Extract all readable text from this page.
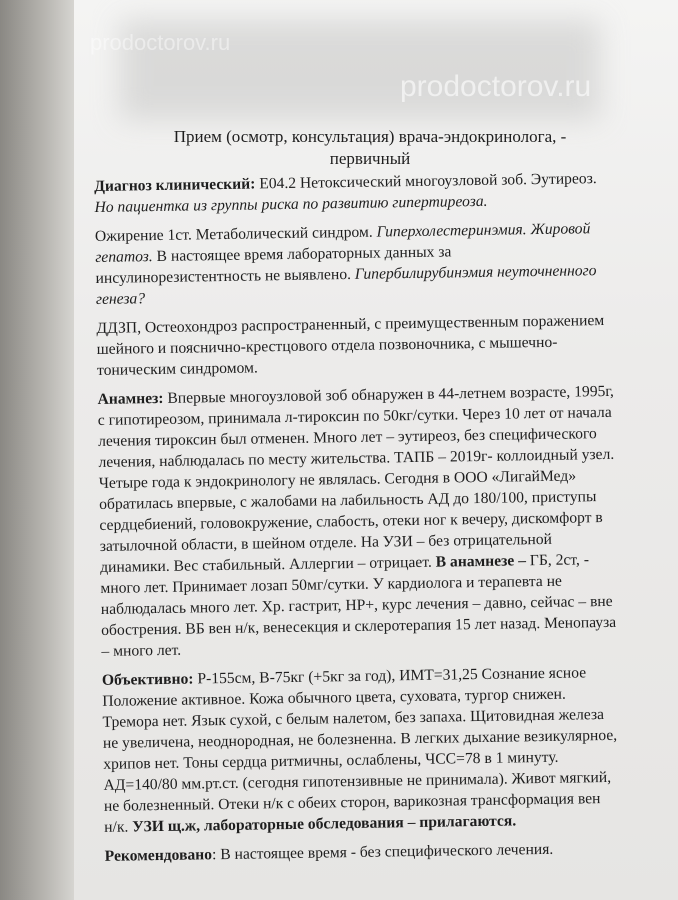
prodoctorov.ru
prodoctorov.ru
Прием (осмотр, консультация) врача-эндокринолога, -
первичный
Диагноз клинический: Е04.2 Нетоксический многоузловой зоб. Эутиреоз.
Но пациентка из группы риска по развитию гипертиреоза.
Ожирение 1ст. Метаболический синдром. Гиперхолестеринэмия. Жировой
гепатоз. В настоящее время лабораторных данных за
инсулинорезистентность не выявлено. Гипербилирубинэмия неуточненного
генеза?
ДДЗП, Остеохондроз распространенный, с преимущественным поражением
шейного и пояснично-крестцового отдела позвоночника, с мышечно-
тоническим синдромом.
Анамнез: Впервые многоузловой зоб обнаружен в 44-летнем возрасте, 1995г,
с гипотиреозом, принимала л-тироксин по 50кг/сутки. Через 10 лет от начала
лечения тироксин был отменен. Много лет – эутиреоз, без специфического
лечения, наблюдалась по месту жительства. ТАПБ – 2019г- коллоидный узел.
Четыре года к эндокринологу не являлась. Сегодня в ООО «ЛигайМед»
обратилась впервые, с жалобами на лабильность АД до 180/100, приступы
сердцебиений, головокружение, слабость, отеки ног к вечеру, дискомфорт в
затылочной области, в шейном отделе. На УЗИ – без отрицательной
динамики. Вес стабильный. Аллергии – отрицает. В анамнезе – ГБ, 2ст, -
много лет. Принимает лозап 50мг/сутки. У кардиолога и терапевта не
наблюдалась много лет. Хр. гастрит, НР+, курс лечения – давно, сейчас – вне
обострения. ВБ вен н/к, венесекция и склеротерапия 15 лет назад. Менопауза
– много лет.
Объективно: Р-155см, В-75кг (+5кг за год), ИМТ=31,25 Сознание ясное
Положение активное. Кожа обычного цвета, суховата, тургор снижен.
Тремора нет. Язык сухой, с белым налетом, без запаха. Щитовидная железа
не увеличена, неоднородная, не болезненна. В легких дыхание везикулярное,
хрипов нет. Тоны сердца ритмичны, ослаблены, ЧСС=78 в 1 минуту.
АД=140/80 мм.рт.ст. (сегодня гипотензивные не принимала). Живот мягкий,
не болезненный. Отеки н/к с обеих сторон, варикозная трансформация вен
н/к. УЗИ щ.ж, лабораторные обследования – прилагаются.
Рекомендовано: В настоящее время - без специфического лечения.
